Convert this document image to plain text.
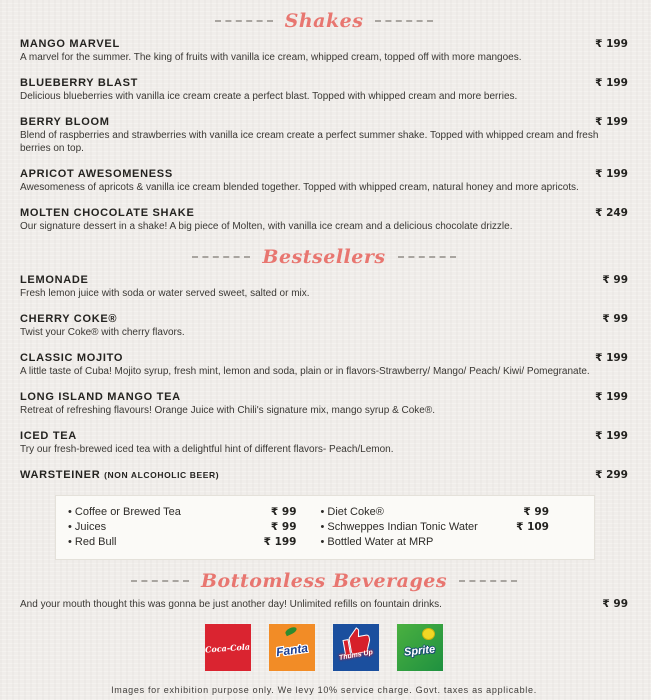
Shakes
MANGO MARVEL	₹ 199
A marvel for the summer. The king of fruits with vanilla ice cream, whipped cream, topped off with more mangoes.
BLUEBERRY BLAST	₹ 199
Delicious blueberries with vanilla ice cream create a perfect blast. Topped with whipped cream and more berries.
BERRY BLOOM	₹ 199
Blend of raspberries and strawberries with vanilla ice cream create a perfect summer shake. Topped with whipped cream and fresh berries on top.
APRICOT AWESOMENESS	₹ 199
Awesomeness of apricots & vanilla ice cream blended together. Topped with whipped cream, natural honey and more apricots.
MOLTEN CHOCOLATE SHAKE	₹ 249
Our signature dessert in a shake! A big piece of Molten, with vanilla ice cream and a delicious chocolate drizzle.
Bestsellers
LEMONADE	₹ 99
Fresh lemon juice with soda or water served sweet, salted or mix.
CHERRY COKE®	₹ 99
Twist your Coke® with cherry flavors.
CLASSIC MOJITO	₹ 199
A little taste of Cuba! Mojito syrup, fresh mint, lemon and soda, plain or in flavors-Strawberry/ Mango/ Peach/ Kiwi/ Pomegranate.
LONG ISLAND MANGO TEA	₹ 199
Retreat of refreshing flavours! Orange Juice with Chili's signature mix, mango syrup & Coke®.
ICED TEA	₹ 199
Try our fresh-brewed iced tea with a delightful hint of different flavors- Peach/Lemon.
WARSTEINER (NON ALCOHOLIC BEER)	₹ 299
• Coffee or Brewed Tea	₹ 99
• Juices	₹ 99
• Red Bull	₹ 199
• Diet Coke®	₹ 99
• Schweppes Indian Tonic Water	₹ 109
• Bottled Water at MRP
Bottomless Beverages
And your mouth thought this was gonna be just another day! Unlimited refills on fountain drinks.	₹ 99
Coca-Cola Fanta	Thums Up	Sprite
Images for exhibition purpose only. We levy 10% service charge. Govt. taxes as applicable.
